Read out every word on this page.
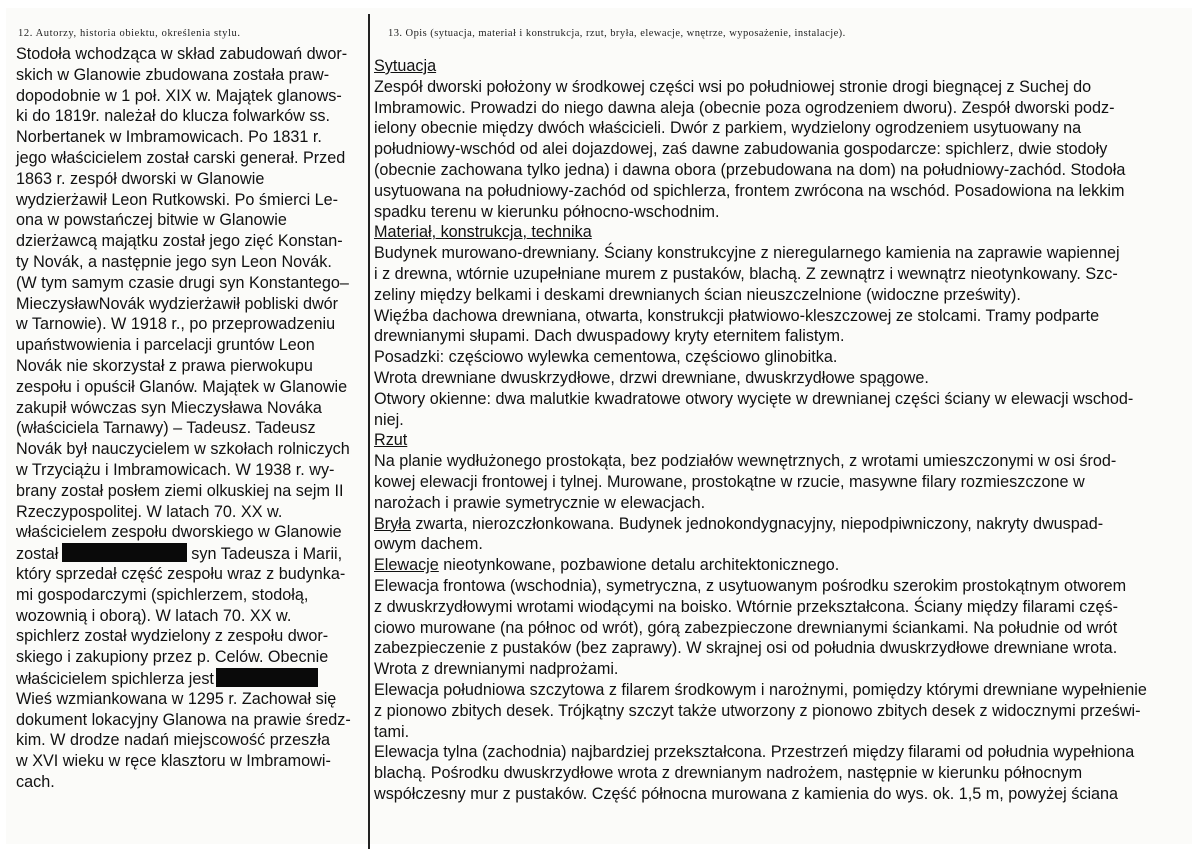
12. Autorzy, historia obiektu, określenia stylu.	13. Opis (sytuacja, materiał i konstrukcja, rzut, bryła, elewacje, wnętrze, wyposażenie, instalacje).
Stodoła wchodząca w skład zabudowań dwor-
skich w Glanowie zbudowana została praw-
dopodobnie w 1 poł. XIX w. Majątek glanows-
ki do 1819r. należał do klucza folwarków ss.
Norbertanek w Imbramowicach. Po 1831 r.
jego właścicielem został carski generał. Przed
1863 r. zespół dworski w Glanowie
wydzierżawił Leon Rutkowski. Po śmierci Le-
ona w powstańczej bitwie w Glanowie
dzierżawcą majątku został jego zięć Konstan-
ty Novák, a następnie jego syn Leon Novák.
(W tym samym czasie drugi syn Konstantego–
MieczysławNovák wydzierżawił pobliski dwór
w Tarnowie). W 1918 r., po przeprowadzeniu
upaństwowienia i parcelacji gruntów Leon
Novák nie skorzystał z prawa pierwokupu
zespołu i opuścił Glanów. Majątek w Glanowie
zakupił wówczas syn Mieczysława Nováka
(właściciela Tarnawy) – Tadeusz. Tadeusz
Novák był nauczycielem w szkołach rolniczych
w Trzyciążu i Imbramowicach. W 1938 r. wy-
brany został posłem ziemi olkuskiej na sejm II
Rzeczypospolitej. W latach 70. XX w.
właścicielem zespołu dworskiego w Glanowie
został	syn Tadeusza i Marii,
który sprzedał część zespołu wraz z budynka-
mi gospodarczymi (spichlerzem, stodołą,
wozownią i oborą). W latach 70. XX w.
spichlerz został wydzielony z zespołu dwor-
skiego i zakupiony przez p. Celów. Obecnie
właścicielem spichlerza jest
Wieś wzmiankowana w 1295 r. Zachował się
dokument lokacyjny Glanowa na prawie średz-
kim. W drodze nadań miejscowość przeszła
w XVI wieku w ręce klasztoru w Imbramowi-
cach.
Sytuacja
Zespół dworski położony w środkowej części wsi po południowej stronie drogi biegnącej z Suchej do
Imbramowic. Prowadzi do niego dawna aleja (obecnie poza ogrodzeniem dworu). Zespół dworski podz-
ielony obecnie między dwóch właścicieli. Dwór z parkiem, wydzielony ogrodzeniem usytuowany na
południowy-wschód od alei dojazdowej, zaś dawne zabudowania gospodarcze: spichlerz, dwie stodoły
(obecnie zachowana tylko jedna) i dawna obora (przebudowana na dom) na południowy-zachód. Stodoła
usytuowana na południowy-zachód od spichlerza, frontem zwrócona na wschód. Posadowiona na lekkim
spadku terenu w kierunku północno-wschodnim.
Materiał, konstrukcja, technika
Budynek murowano-drewniany. Ściany konstrukcyjne z nieregularnego kamienia na zaprawie wapiennej
i z drewna, wtórnie uzupełniane murem z pustaków, blachą. Z zewnątrz i wewnątrz nieotynkowany. Szc-
zeliny między belkami i deskami drewnianych ścian nieuszczelnione (widoczne prześwity).
Więźba dachowa drewniana, otwarta, konstrukcji płatwiowo-kleszczowej ze stolcami. Tramy podparte
drewnianymi słupami. Dach dwuspadowy kryty eternitem falistym.
Posadzki: częściowo wylewka cementowa, częściowo glinobitka.
Wrota drewniane dwuskrzydłowe, drzwi drewniane, dwuskrzydłowe spągowe.
Otwory okienne: dwa malutkie kwadratowe otwory wycięte w drewnianej części ściany w elewacji wschod-
niej.
Rzut
Na planie wydłużonego prostokąta, bez podziałów wewnętrznych, z wrotami umieszczonymi w osi środ-
kowej elewacji frontowej i tylnej. Murowane, prostokątne w rzucie, masywne filary rozmieszczone w
narożach i prawie symetrycznie w elewacjach.
Bryła zwarta, nierozczłonkowana. Budynek jednokondygnacyjny, niepodpiwniczony, nakryty dwuspad-
owym dachem.
Elewacje nieotynkowane, pozbawione detalu architektonicznego.
Elewacja frontowa (wschodnia), symetryczna, z usytuowanym pośrodku szerokim prostokątnym otworem
z dwuskrzydłowymi wrotami wiodącymi na boisko. Wtórnie przekształcona. Ściany między filarami częś-
ciowo murowane (na północ od wrót), górą zabezpieczone drewnianymi ściankami. Na południe od wrót
zabezpieczenie z pustaków (bez zaprawy). W skrajnej osi od południa dwuskrzydłowe drewniane wrota.
Wrota z drewnianymi nadprożami.
Elewacja południowa szczytowa z filarem środkowym i narożnymi, pomiędzy którymi drewniane wypełnienie
z pionowo zbitych desek. Trójkątny szczyt także utworzony z pionowo zbitych desek z widocznymi prześwi-
tami.
Elewacja tylna (zachodnia) najbardziej przekształcona. Przestrzeń między filarami od południa wypełniona
blachą. Pośrodku dwuskrzydłowe wrota z drewnianym nadrożem, następnie w kierunku północnym
współczesny mur z pustaków. Część północna murowana z kamienia do wys. ok. 1,5 m, powyżej ściana
